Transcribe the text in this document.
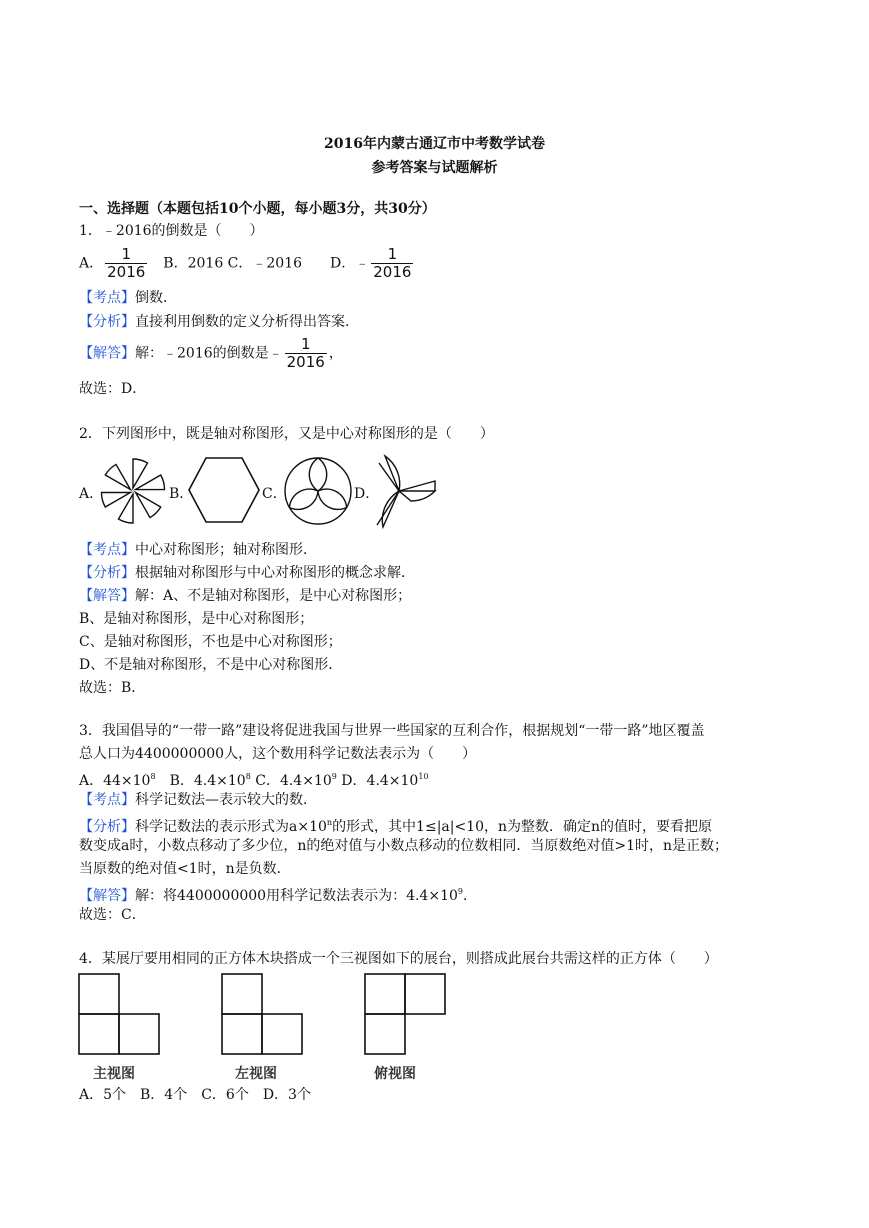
2016年内蒙古通辽市中考数学试卷
参考答案与试题解析
一、选择题（本题包括10个小题，每小题3分，共30分）
1．﹣2016的倒数是（　　）
A． $\frac{1}{2016}$ 　B．2016 C．﹣2016　　D．﹣ $\frac{1}{2016}$
【考点】倒数．
【分析】直接利用倒数的定义分析得出答案．
【解答】解：﹣2016的倒数是﹣ $\frac{1}{2016}$ ，
故选：D．
2．下列图形中，既是轴对称图形，又是中心对称图形的是（　　）
A．	B．	C．	D．
【考点】中心对称图形；轴对称图形．
【分析】根据轴对称图形与中心对称图形的概念求解．
【解答】解：A、不是轴对称图形，是中心对称图形；
B、是轴对称图形，是中心对称图形；
C、是轴对称图形，不也是中心对称图形；
D、不是轴对称图形，不是中心对称图形．
故选：B．
3．我国倡导的“一带一路”建设将促进我国与世界一些国家的互利合作，根据规划“一带一路”地区覆盖
总人口为4400000000人，这个数用科学记数法表示为（　　）
A．$44\times 10^8$　B．$4.4\times 10^8$ C．$4.4\times 10^9$ D．$4.4\times 10^{10}$
【考点】科学记数法—表示较大的数．
【分析】科学记数法的表示形式为$a\times 10^n$的形式，其中1≤|a|<10，n为整数．确定n的值时，要看把原
数变成a时，小数点移动了多少位，n的绝对值与小数点移动的位数相同．当原数绝对值>1时，n是正数；
当原数的绝对值<1时，n是负数．
【解答】解：将4400000000用科学记数法表示为：$4.4\times 10^9$．
故选：C．
4．某展厅要用相同的正方体木块搭成一个三视图如下的展台，则搭成此展台共需这样的正方体（　　）
主视图	左视图	俯视图
A．5个　B．4个　C．6个　D．3个
